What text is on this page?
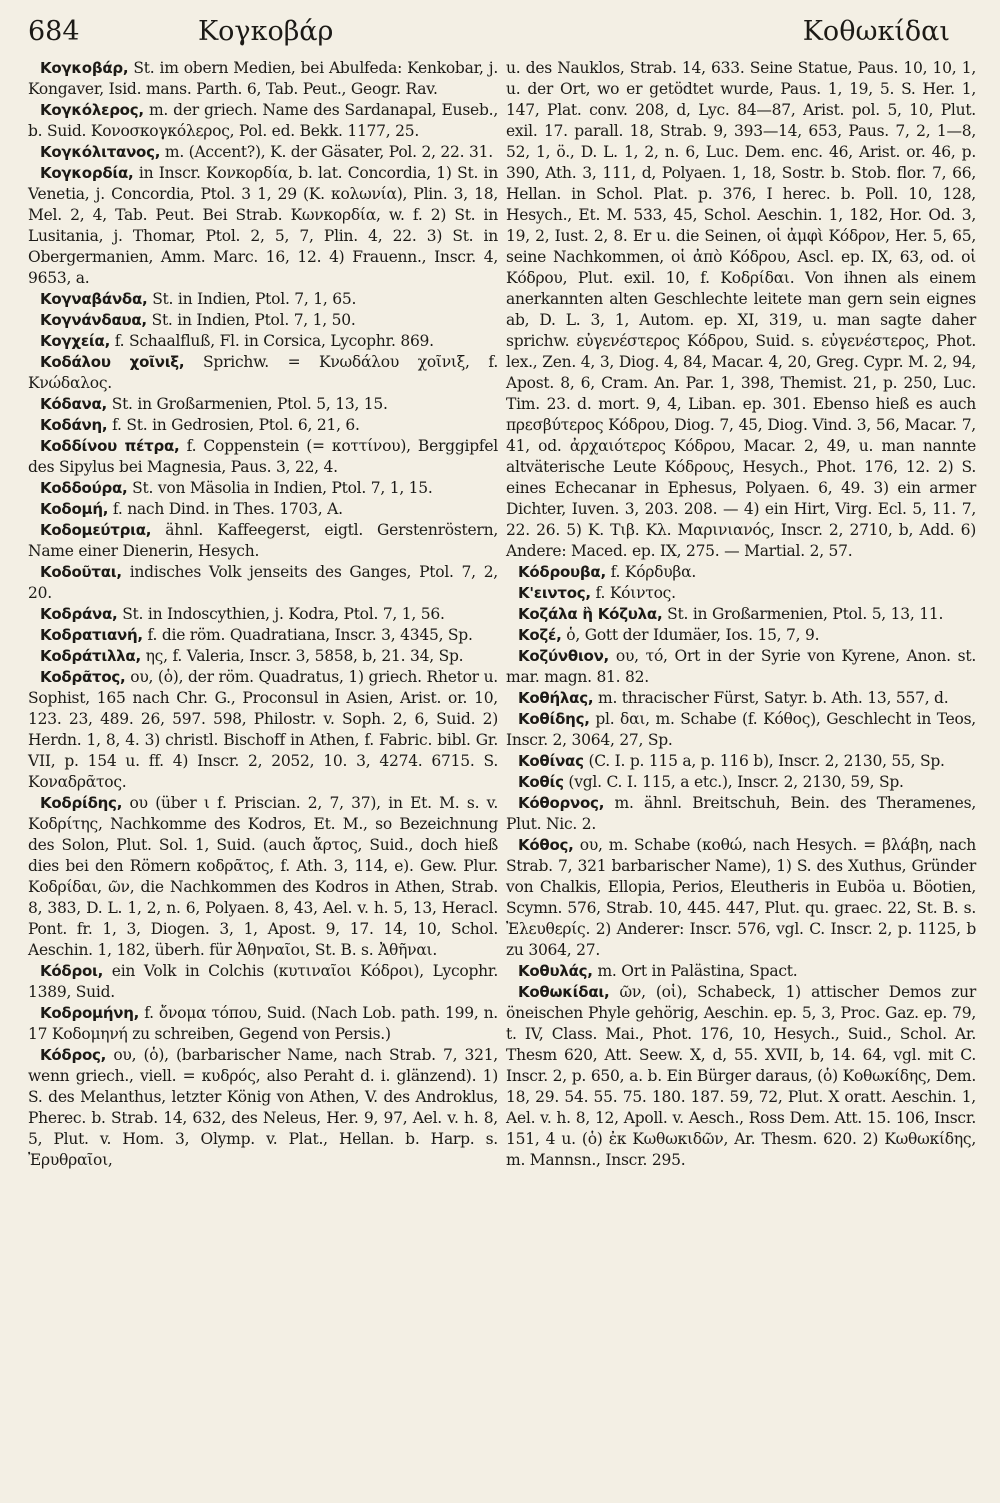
684	Κογκοβάρ	Κοθωκίδαι

Κογκοβάρ, St. im obern Medien, bei Abulfeda: Kenkobar, j. Kongaver, Isid. mans. Parth. 6, Tab. Peut., Geogr. Rav.

Κογκόλερος, m. der griech. Name des Sardanapal, Euseb., b. Suid. Κονοσκογκόλερος, Pol. ed. Bekk. 1177, 25.

Κογκόλιτανος, m. (Accent?), K. der Gäsater, Pol. 2, 22. 31.

Κογκορδία, in Inscr. Κονκορδία, b. lat. Concordia, 1) St. in Venetia, j. Concordia, Ptol. 3 1, 29 (K. κολωνία), Plin. 3, 18, Mel. 2, 4, Tab. Peut. Bei Strab. Κωνκορδία, w. f. 2) St. in Lusitania, j. Thomar, Ptol. 2, 5, 7, Plin. 4, 22. 3) St. in Obergermanien, Amm. Marc. 16, 12. 4) Frauenn., Inscr. 4, 9653, a.

Κογναβάνδα, St. in Indien, Ptol. 7, 1, 65.

Κογνάνδαυα, St. in Indien, Ptol. 7, 1, 50.

Κογχεία, f. Schaalfluß, Fl. in Corsica, Lycophr. 869.

Κοδάλου χοῖνιξ, Sprichw. = Κνωδάλου χοῖνιξ, f. Κνώδαλος.

Κόδανα, St. in Großarmenien, Ptol. 5, 13, 15.

Κοδάνη, f. St. in Gedrosien, Ptol. 6, 21, 6.

Κοδδίνου πέτρα, f. Coppenstein (= κοττίνου), Berggipfel des Sipylus bei Magnesia, Paus. 3, 22, 4.

Κοδδούρα, St. von Mäsolia in Indien, Ptol. 7, 1, 15.

Κοδομή, f. nach Dind. in Thes. 1703, A.

Κοδομεύτρια, ähnl. Kaffeegerst, eigtl. Gerstenröstern, Name einer Dienerin, Hesych.

Κοδοῦται, indisches Volk jenseits des Ganges, Ptol. 7, 2, 20.

Κοδράνα, St. in Indoscythien, j. Kodra, Ptol. 7, 1, 56.

Κοδρατιανή, f. die röm. Quadratiana, Inscr. 3, 4345, Sp.

Κοδράτιλλα, ης, f. Valeria, Inscr. 3, 5858, b, 21. 34, Sp.

Κοδρᾶτος, ου, (ὁ), der röm. Quadratus, 1) griech. Rhetor u. Sophist, 165 nach Chr. G., Proconsul in Asien, Arist. or. 10, 123. 23, 489. 26, 597. 598, Philostr. v. Soph. 2, 6, Suid. 2) Herdn. 1, 8, 4. 3) christl. Bischoff in Athen, f. Fabric. bibl. Gr. VII, p. 154 u. ff. 4) Inscr. 2, 2052, 10. 3, 4274. 6715. S. Κοναδρᾶτος.

Κοδρίδης, ου (über ι f. Priscian. 2, 7, 37), in Et. M. s. v. Κοδρίτης, Nachkomme des Kodros, Et. M., so Bezeichnung des Solon, Plut. Sol. 1, Suid. (auch ἄρτος, Suid., doch hieß dies bei den Römern κοδρᾶτος, f. Ath. 3, 114, e). Gew. Plur. Κοδρίδαι, ῶν, die Nachkommen des Kodros in Athen, Strab. 8, 383, D. L. 1, 2, n. 6, Polyaen. 8, 43, Ael. v. h. 5, 13, Heracl. Pont. fr. 1, 3, Diogen. 3, 1, Apost. 9, 17. 14, 10, Schol. Aeschin. 1, 182, überh. für Ἀθηναῖοι, St. B. s. Ἀθῆναι.

Κόδροι, ein Volk in Colchis (κυτιναῖοι Κόδροι), Lycophr. 1389, Suid.

Κοδρομήνη, f. ὄνομα τόπου, Suid. (Nach Lob. path. 199, n. 17 Κοδομηνή zu schreiben, Gegend von Persis.)

Κόδρος, ου, (ὁ), (barbarischer Name, nach Strab. 7, 321, wenn griech., viell. = κυδρός, also Peraht d. i. glänzend). 1) S. des Melanthus, letzter König von Athen, V. des Androklus, Pherec. b. Strab. 14, 632, des Neleus, Her. 9, 97, Ael. v. h. 8, 5, Plut. v. Hom. 3, Olymp. v. Plat., Hellan. b. Harp. s. Ἐρυθραῖοι,

u. des Nauklos, Strab. 14, 633. Seine Statue, Paus. 10, 10, 1, u. der Ort, wo er getödtet wurde, Paus. 1, 19, 5. S. Her. 1, 147, Plat. conv. 208, d, Lyc. 84—87, Arist. pol. 5, 10, Plut. exil. 17. parall. 18, Strab. 9, 393—14, 653, Paus. 7, 2, 1—8, 52, 1, ö., D. L. 1, 2, n. 6, Luc. Dem. enc. 46, Arist. or. 46, p. 390, Ath. 3, 111, d, Polyaen. 1, 18, Sostr. b. Stob. flor. 7, 66, Hellan. in Schol. Plat. p. 376, I herec. b. Poll. 10, 128, Hesych., Et. M. 533, 45, Schol. Aeschin. 1, 182, Hor. Od. 3, 19, 2, Iust. 2, 8. Er u. die Seinen, οἱ ἀμφὶ Κόδρον, Her. 5, 65, seine Nachkommen, οἱ ἀπὸ Κόδρου, Ascl. ep. IX, 63, od. οἱ Κόδρου, Plut. exil. 10, f. Κοδρίδαι. Von ihnen als einem anerkannten alten Geschlechte leitete man gern sein eignes ab, D. L. 3, 1, Autom. ep. XI, 319, u. man sagte daher sprichw. εὐγενέστερος Κόδρου, Suid. s. εὐγενέστερος, Phot. lex., Zen. 4, 3, Diog. 4, 84, Macar. 4, 20, Greg. Cypr. M. 2, 94, Apost. 8, 6, Cram. An. Par. 1, 398, Themist. 21, p. 250, Luc. Tim. 23. d. mort. 9, 4, Liban. ep. 301. Ebenso hieß es auch πρεσβύτερος Κόδρου, Diog. 7, 45, Diog. Vind. 3, 56, Macar. 7, 41, od. ἀρχαιότερος Κόδρου, Macar. 2, 49, u. man nannte altväterische Leute Κόδρους, Hesych., Phot. 176, 12. 2) S. eines Echecanar in Ephesus, Polyaen. 6, 49. 3) ein armer Dichter, Iuven. 3, 203. 208. — 4) ein Hirt, Virg. Ecl. 5, 11. 7, 22. 26. 5) K. Τιβ. Κλ. Μαρινιανός, Inscr. 2, 2710, b, Add. 6) Andere: Maced. ep. IX, 275. — Martial. 2, 57.

Κόδρουβα, f. Κόρδυβα.

Κ'ειντος, f. Κόιντος.

Κοζάλα ἢ Κόζυλα, St. in Großarmenien, Ptol. 5, 13, 11.

Κοζέ, ὁ, Gott der Idumäer, Ios. 15, 7, 9.

Κοζύνθιον, ου, τό, Ort in der Syrie von Kyrene, Anon. st. mar. magn. 81. 82.

Κοθήλας, m. thracischer Fürst, Satyr. b. Ath. 13, 557, d.

Κοθίδης, pl. δαι, m. Schabe (f. Κόθος), Geschlecht in Teos, Inscr. 2, 3064, 27, Sp.

Κοθίνας (C. I. p. 115 a, p. 116 b), Inscr. 2, 2130, 55, Sp.

Κοθίς (vgl. C. I. 115, a etc.), Inscr. 2, 2130, 59, Sp.

Κόθορνος, m. ähnl. Breitschuh, Bein. des Theramenes, Plut. Nic. 2.

Κόθος, ου, m. Schabe (κοθώ, nach Hesych. = βλάβη, nach Strab. 7, 321 barbarischer Name), 1) S. des Xuthus, Gründer von Chalkis, Ellopia, Perios, Eleutheris in Euböa u. Böotien, Scymn. 576, Strab. 10, 445. 447, Plut. qu. graec. 22, St. B. s. Ἐλευθερίς. 2) Anderer: Inscr. 576, vgl. C. Inscr. 2, p. 1125, b zu 3064, 27.

Κοθυλάς, m. Ort in Palästina, Spact.

Κοθωκίδαι, ῶν, (οἱ), Schabeck, 1) attischer Demos zur öneischen Phyle gehörig, Aeschin. ep. 5, 3, Proc. Gaz. ep. 79, t. IV, Class. Mai., Phot. 176, 10, Hesych., Suid., Schol. Ar. Thesm 620, Att. Seew. X, d, 55. XVII, b, 14. 64, vgl. mit C. Inscr. 2, p. 650, a. b. Ein Bürger daraus, (ὁ) Κοθωκίδης, Dem. 18, 29. 54. 55. 75. 180. 187. 59, 72, Plut. X oratt. Aeschin. 1, Ael. v. h. 8, 12, Apoll. v. Aesch., Ross Dem. Att. 15. 106, Inscr. 151, 4 u. (ὁ) ἐκ Κωθωκιδῶν, Ar. Thesm. 620. 2) Κωθωκίδης, m. Mannsn., Inscr. 295.
